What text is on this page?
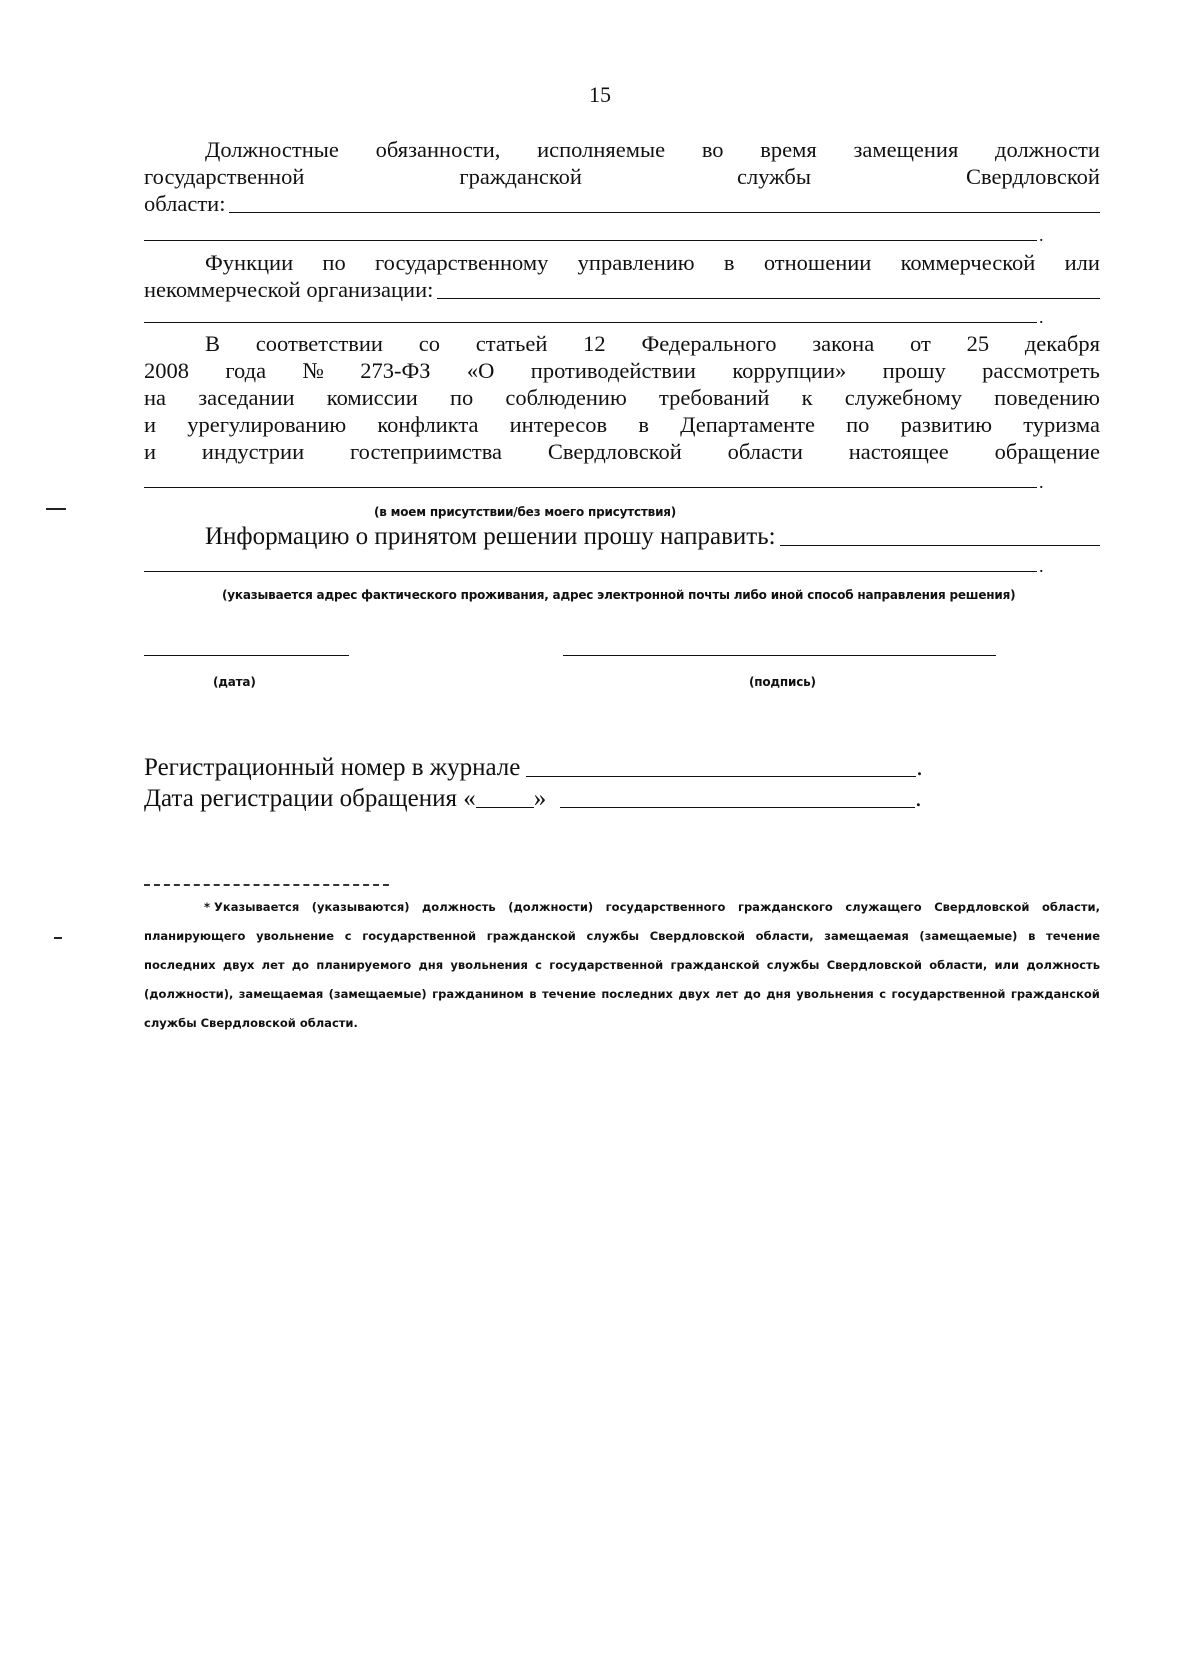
15
Должностные обязанности, исполняемые во время замещения должности
государственной	гражданской	службы	Свердловской
области:
.
Функции по государственному управлению в отношении коммерческой или
некоммерческой организации:
.
В соответствии со статьей 12 Федерального закона от 25 декабря
2008 года № 273-ФЗ «О противодействии коррупции» прошу рассмотреть
на заседании комиссии по соблюдению требований к служебному поведению
и урегулированию конфликта интересов в Департаменте по развитию туризма
и индустрии гостеприимства Свердловской области настоящее обращение
.
(в моем присутствии/без моего присутствия)
Информацию о принятом решении прошу направить:
.
(указывается адрес фактического проживания, адрес электронной почты либо иной способ направления решения)
(дата)	(подпись)
Регистрационный номер в журнале	.
Дата регистрации обращения « »	.
* Указывается (указываются) должность (должности) государственного гражданского служащего Свердловской области,
планирующего увольнение с государственной гражданской службы Свердловской области, замещаемая (замещаемые) в течение
последних двух лет до планируемого дня увольнения с государственной гражданской службы Свердловской области, или должность
(должности), замещаемая (замещаемые) гражданином в течение последних двух лет до дня увольнения с государственной гражданской
службы Свердловской области.
